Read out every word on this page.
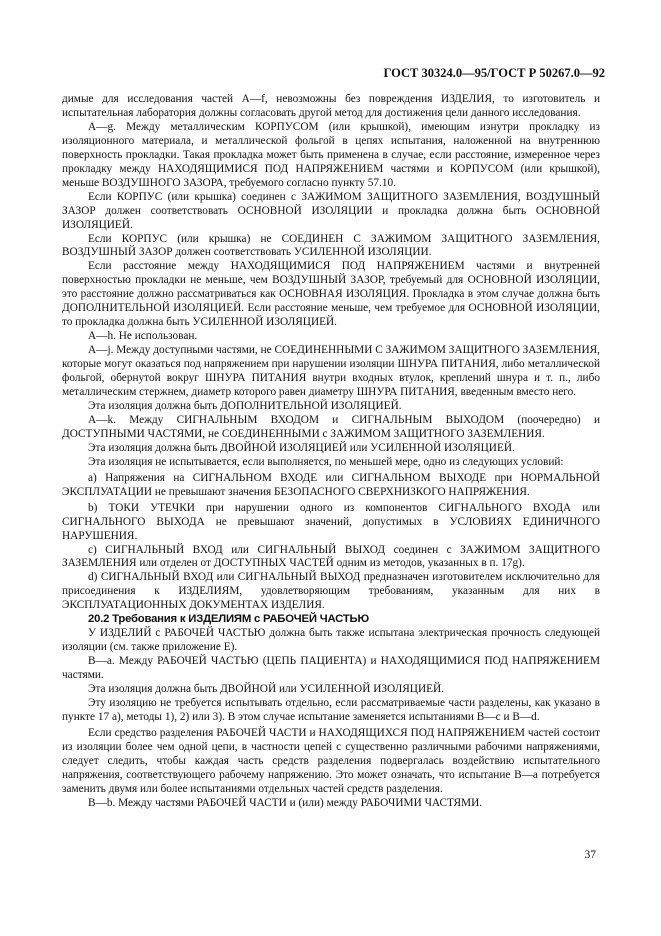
ГОСТ 30324.0—95/ГОСТ Р 50267.0—92

димые для исследования частей A—f, невозможны без повреждения ИЗДЕЛИЯ, то изготовитель и испытательная лаборатория должны согласовать другой метод для достижения цели данного исследования.

A—g. Между металлическим КОРПУСОМ (или крышкой), имеющим изнутри прокладку из изоляционного материала, и металлической фольгой в цепях испытания, наложенной на внутреннюю поверхность прокладки. Такая прокладка может быть применена в случае, если расстояние, измеренное через прокладку между НАХОДЯЩИМИСЯ ПОД НАПРЯЖЕНИЕМ частями и КОРПУСОМ (или крышкой), меньше ВОЗДУШНОГО ЗАЗОРА, требуемого согласно пункту 57.10.

Если КОРПУС (или крышка) соединен с ЗАЖИМОМ ЗАЩИТНОГО ЗАЗЕМЛЕНИЯ, ВОЗДУШНЫЙ ЗАЗОР должен соответствовать ОСНОВНОЙ ИЗОЛЯЦИИ и прокладка должна быть ОСНОВНОЙ ИЗОЛЯЦИЕЙ.

Если КОРПУС (или крышка) не СОЕДИНЕН С ЗАЖИМОМ ЗАЩИТНОГО ЗАЗЕМЛЕНИЯ, ВОЗДУШНЫЙ ЗАЗОР должен соответствовать УСИЛЕННОЙ ИЗОЛЯЦИИ.

Если расстояние между НАХОДЯЩИМИСЯ ПОД НАПРЯЖЕНИЕМ частями и внутренней поверхностью прокладки не меньше, чем ВОЗДУШНЫЙ ЗАЗОР, требуемый для ОСНОВНОЙ ИЗОЛЯЦИИ, это расстояние должно рассматриваться как ОСНОВНАЯ ИЗОЛЯЦИЯ. Прокладка в этом случае должна быть ДОПОЛНИТЕЛЬНОЙ ИЗОЛЯЦИЕЙ. Если расстояние меньше, чем требуемое для ОСНОВНОЙ ИЗОЛЯЦИИ, то прокладка должна быть УСИЛЕННОЙ ИЗОЛЯЦИЕЙ.

A—h. Не использован.

A—j. Между доступными частями, не СОЕДИНЕННЫМИ С ЗАЖИМОМ ЗАЩИТНОГО ЗАЗЕМЛЕНИЯ, которые могут оказаться под напряжением при нарушении изоляции ШНУРА ПИТАНИЯ, либо металлической фольгой, обернутой вокруг ШНУРА ПИТАНИЯ внутри входных втулок, креплений шнура и т. п., либо металлическим стержнем, диаметр которого равен диаметру ШНУРА ПИТАНИЯ, введенным вместо него.

Эта изоляция должна быть ДОПОЛНИТЕЛЬНОЙ ИЗОЛЯЦИЕЙ.

A—k. Между СИГНАЛЬНЫМ ВХОДОМ и СИГНАЛЬНЫМ ВЫХОДОМ (поочередно) и ДОСТУПНЫМИ ЧАСТЯМИ, не СОЕДИНЕННЫМИ с ЗАЖИМОМ ЗАЩИТНОГО ЗАЗЕМЛЕНИЯ.

Эта изоляция должна быть ДВОЙНОЙ ИЗОЛЯЦИЕЙ или УСИЛЕННОЙ ИЗОЛЯЦИЕЙ.

Эта изоляция не испытывается, если выполняется, по меньшей мере, одно из следующих условий:

a) Напряжения на СИГНАЛЬНОМ ВХОДЕ или СИГНАЛЬНОМ ВЫХОДЕ при НОРМАЛЬНОЙ ЭКСПЛУАТАЦИИ не превышают значения БЕЗОПАСНОГО СВЕРХНИЗКОГО НАПРЯЖЕНИЯ.

b) ТОКИ УТЕЧКИ при нарушении одного из компонентов СИГНАЛЬНОГО ВХОДА или СИГНАЛЬНОГО ВЫХОДА не превышают значений, допустимых в УСЛОВИЯХ ЕДИНИЧНОГО НАРУШЕНИЯ.

c) СИГНАЛЬНЫЙ ВХОД или СИГНАЛЬНЫЙ ВЫХОД соединен с ЗАЖИМОМ ЗАЩИТНОГО ЗАЗЕМЛЕНИЯ или отделен от ДОСТУПНЫХ ЧАСТЕЙ одним из методов, указанных в п. 17g).

d) СИГНАЛЬНЫЙ ВХОД или СИГНАЛЬНЫЙ ВЫХОД предназначен изготовителем исключительно для присоединения к ИЗДЕЛИЯМ, удовлетворяющим требованиям, указанным для них в ЭКСПЛУАТАЦИОННЫХ ДОКУМЕНТАХ ИЗДЕЛИЯ.

20.2 Требования к ИЗДЕЛИЯМ с РАБОЧЕЙ ЧАСТЬЮ

У ИЗДЕЛИЙ с РАБОЧЕЙ ЧАСТЬЮ должна быть также испытана электрическая прочность следующей изоляции (см. также приложение Е).

B—a. Между РАБОЧЕЙ ЧАСТЬЮ (ЦЕПЬ ПАЦИЕНТА) и НАХОДЯЩИМИСЯ ПОД НАПРЯЖЕНИЕМ частями.

Эта изоляция должна быть ДВОЙНОЙ или УСИЛЕННОЙ ИЗОЛЯЦИЕЙ.

Эту изоляцию не требуется испытывать отдельно, если рассматриваемые части разделены, как указано в пункте 17 а), методы 1), 2) или 3). В этом случае испытание заменяется испытаниями B—c и B—d.

Если средство разделения РАБОЧЕЙ ЧАСТИ и НАХОДЯЩИХСЯ ПОД НАПРЯЖЕНИЕМ частей состоит из изоляции более чем одной цепи, в частности цепей с существенно различными рабочими напряжениями, следует следить, чтобы каждая часть средств разделения подвергалась воздействию испытательного напряжения, соответствующего рабочему напряжению. Это может означать, что испытание B—a потребуется заменить двумя или более испытаниями отдельных частей средств разделения.

B—b. Между частями РАБОЧЕЙ ЧАСТИ и (или) между РАБОЧИМИ ЧАСТЯМИ.

37
